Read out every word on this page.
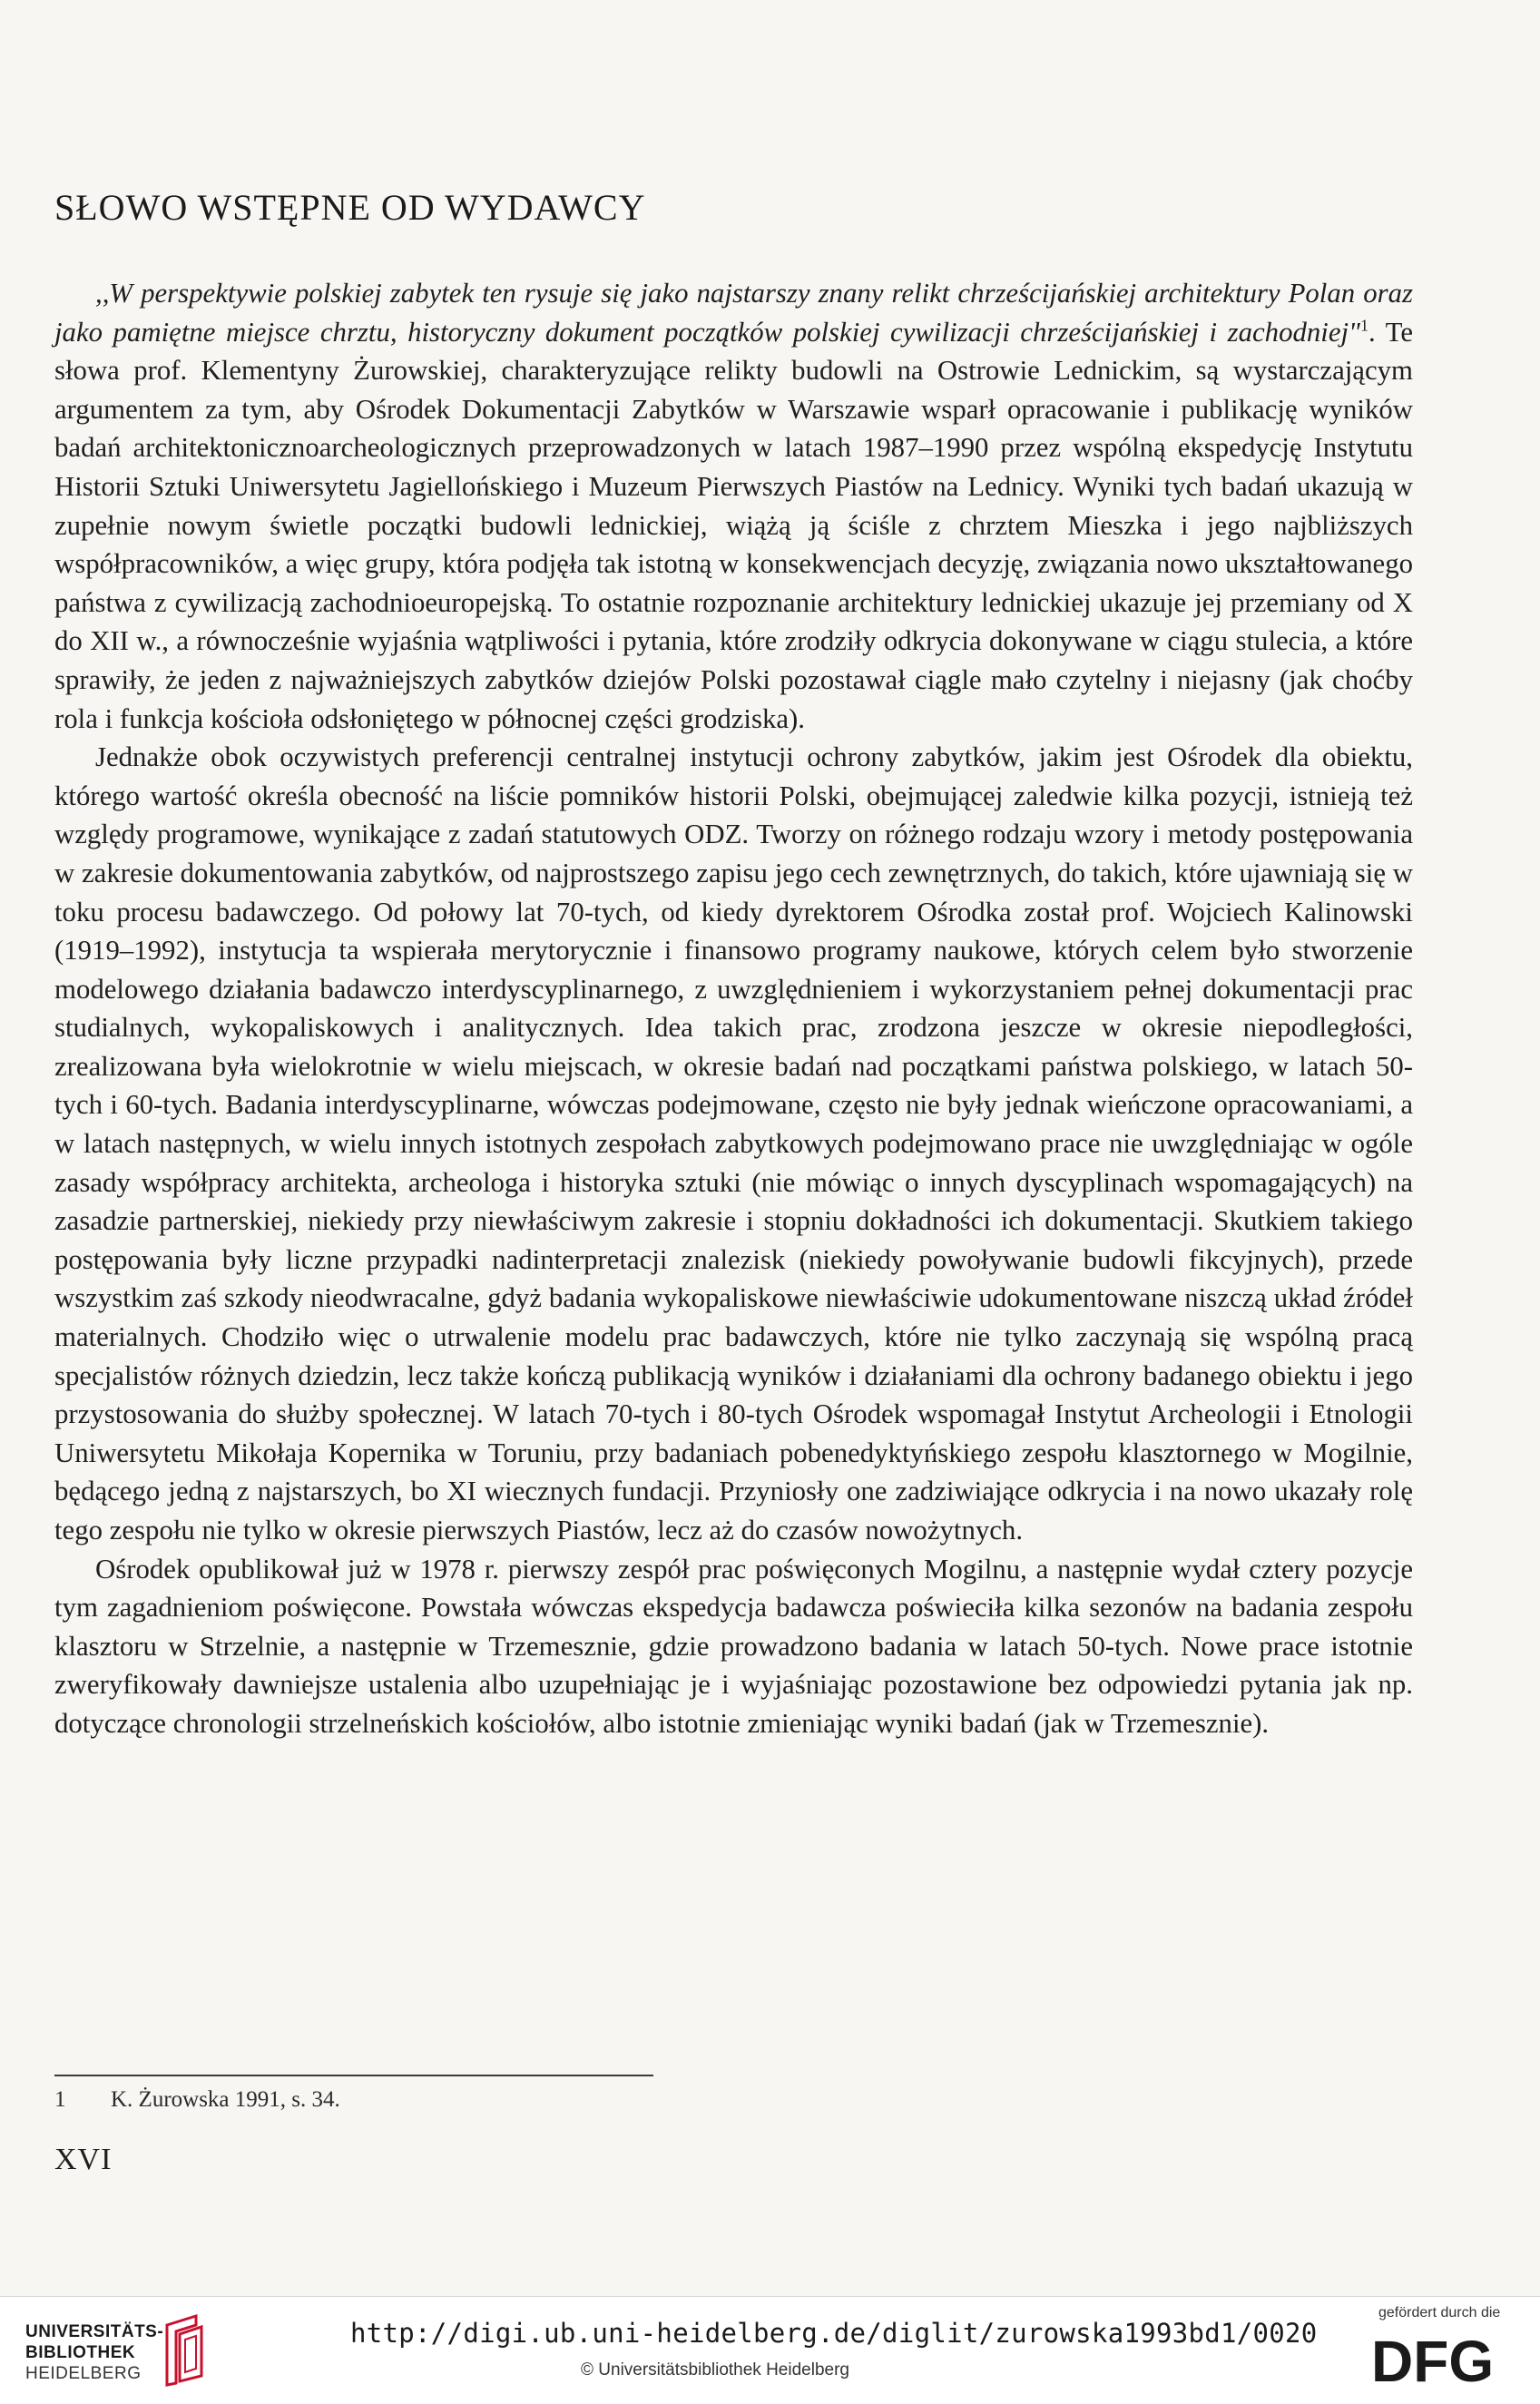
SŁOWO WSTĘPNE OD WYDAWCY

,,W perspektywie polskiej zabytek ten rysuje się jako najstarszy znany relikt chrześcijańskiej architektury Polan oraz jako pamiętne miejsce chrztu, historyczny dokument początków polskiej cywilizacji chrześcijańskiej i zachodniej"$^1$. Te słowa prof. Klementyny Żurowskiej, charakteryzujące relikty budowli na Ostrowie Lednickim, są wystarczającym argumentem za tym, aby Ośrodek Dokumentacji Zabytków w Warszawie wsparł opracowanie i publikację wyników badań architektonicznoarcheologicznych przeprowadzonych w latach 1987–1990 przez wspólną ekspedycję Instytutu Historii Sztuki Uniwersytetu Jagiellońskiego i Muzeum Pierwszych Piastów na Lednicy. Wyniki tych badań ukazują w zupełnie nowym świetle początki budowli lednickiej, wiążą ją ściśle z chrztem Mieszka i jego najbliższych współpracowników, a więc grupy, która podjęła tak istotną w konsekwencjach decyzję, związania nowo ukształtowanego państwa z cywilizacją zachodnioeuropejską. To ostatnie rozpoznanie architektury lednickiej ukazuje jej przemiany od X do XII w., a równocześnie wyjaśnia wątpliwości i pytania, które zrodziły odkrycia dokonywane w ciągu stulecia, a które sprawiły, że jeden z najważniejszych zabytków dziejów Polski pozostawał ciągle mało czytelny i niejasny (jak choćby rola i funkcja kościoła odsłoniętego w północnej części grodziska).

Jednakże obok oczywistych preferencji centralnej instytucji ochrony zabytków, jakim jest Ośrodek dla obiektu, którego wartość określa obecność na liście pomników historii Polski, obejmującej zaledwie kilka pozycji, istnieją też względy programowe, wynikające z zadań statutowych ODZ. Tworzy on różnego rodzaju wzory i metody postępowania w zakresie dokumentowania zabytków, od najprostszego zapisu jego cech zewnętrznych, do takich, które ujawniają się w toku procesu badawczego. Od połowy lat 70-tych, od kiedy dyrektorem Ośrodka został prof. Wojciech Kalinowski (1919–1992), instytucja ta wspierała merytorycznie i finansowo programy naukowe, których celem było stworzenie modelowego działania badawczo interdyscyplinarnego, z uwzględnieniem i wykorzystaniem pełnej dokumentacji prac studialnych, wykopaliskowych i analitycznych. Idea takich prac, zrodzona jeszcze w okresie niepodległości, zrealizowana była wielokrotnie w wielu miejscach, w okresie badań nad początkami państwa polskiego, w latach 50-tych i 60-tych. Badania interdyscyplinarne, wówczas podejmowane, często nie były jednak wieńczone opracowaniami, a w latach następnych, w wielu innych istotnych zespołach zabytkowych podejmowano prace nie uwzględniając w ogóle zasady współpracy architekta, archeologa i historyka sztuki (nie mówiąc o innych dyscyplinach wspomagających) na zasadzie partnerskiej, niekiedy przy niewłaściwym zakresie i stopniu dokładności ich dokumentacji. Skutkiem takiego postępowania były liczne przypadki nadinterpretacji znalezisk (niekiedy powoływanie budowli fikcyjnych), przede wszystkim zaś szkody nieodwracalne, gdyż badania wykopaliskowe niewłaściwie udokumentowane niszczą układ źródeł materialnych. Chodziło więc o utrwalenie modelu prac badawczych, które nie tylko zaczynają się wspólną pracą specjalistów różnych dziedzin, lecz także kończą publikacją wyników i działaniami dla ochrony badanego obiektu i jego przystosowania do służby społecznej. W latach 70-tych i 80-tych Ośrodek wspomagał Instytut Archeologii i Etnologii Uniwersytetu Mikołaja Kopernika w Toruniu, przy badaniach pobenedyktyńskiego zespołu klasztornego w Mogilnie, będącego jedną z najstarszych, bo XI wiecznych fundacji. Przyniosły one zadziwiające odkrycia i na nowo ukazały rolę tego zespołu nie tylko w okresie pierwszych Piastów, lecz aż do czasów nowożytnych.

Ośrodek opublikował już w 1978 r. pierwszy zespół prac poświęconych Mogilnu, a następnie wydał cztery pozycje tym zagadnieniom poświęcone. Powstała wówczas ekspedycja badawcza poświeciła kilka sezonów na badania zespołu klasztoru w Strzelnie, a następnie w Trzemesznie, gdzie prowadzono badania w latach 50-tych. Nowe prace istotnie zweryfikowały dawniejsze ustalenia albo uzupełniając je i wyjaśniając pozostawione bez odpowiedzi pytania jak np. dotyczące chronologii strzelneńskich kościołów, albo istotnie zmieniając wyniki badań (jak w Trzemesznie).

1 K. Żurowska 1991, s. 34.

XVI

UNIVERSITÄTS-
BIBLIOTHEK
HEIDELBERG
http://digi.ub.uni-heidelberg.de/diglit/zurowska1993bd1/0020
© Universitätsbibliothek Heidelberg
gefördert durch die
DFG
